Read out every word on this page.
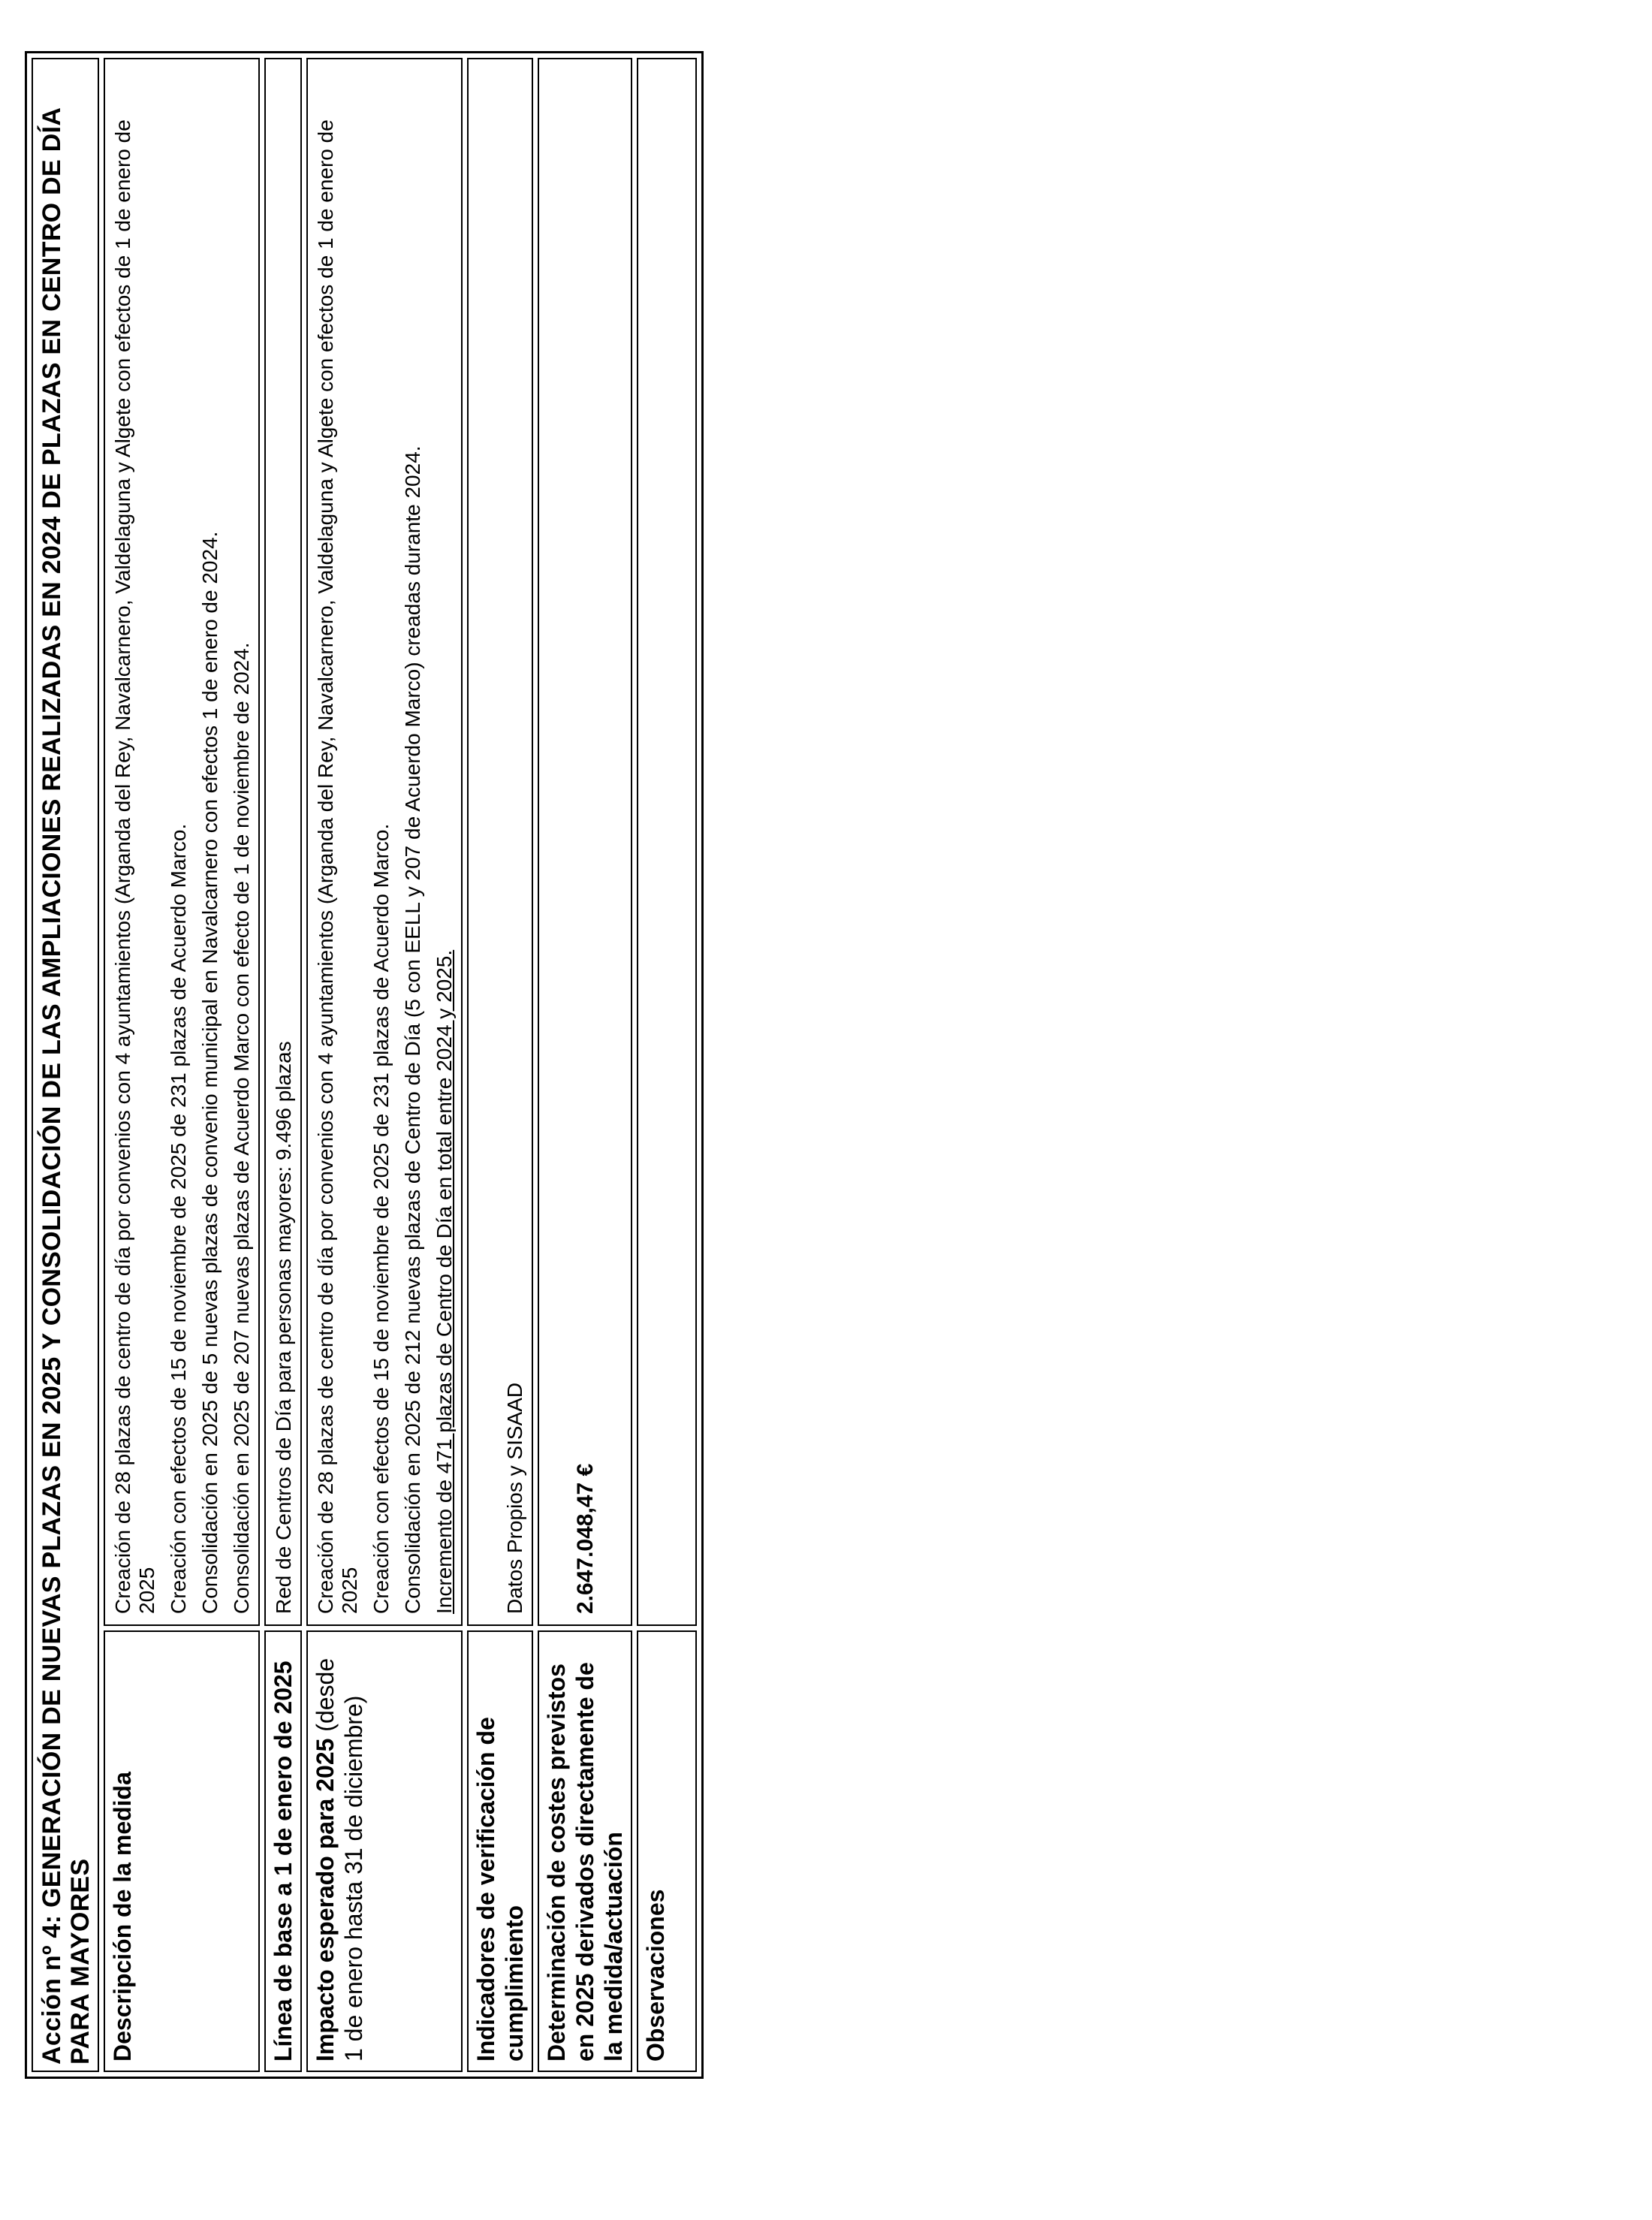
Acción nº 4: GENERACIÓN DE NUEVAS PLAZAS EN 2025 Y CONSOLIDACIÓN DE LAS AMPLIACIONES REALIZADAS EN 2024 DE PLAZAS EN CENTRO DE DÍA PARA MAYORES	
Descripción de la medida	Creación de 28 plazas de centro de día por convenios con 4 ayuntamientos (Arganda del Rey, Navalcarnero, Valdelaguna y Algete con efectos de 1 de enero de 2025 Creación con efectos de 15 de noviembre de 2025 de 231 plazas de Acuerdo Marco. Consolidación en 2025 de 5 nuevas plazas de convenio municipal en Navalcarnero con efectos 1 de enero de 2024. Consolidación en 2025 de 207 nuevas plazas de Acuerdo Marco con efecto de 1 de noviembre de 2024.

Línea de base a 1 de enero de 2025	Red de Centros de Día para personas mayores: 9.496 plazas
Impacto esperado para 2025 (desde 1 de enero hasta 31 de diciembre)	Creación de 28 plazas de centro de día por convenios con 4 ayuntamientos (Arganda del Rey, Navalcarnero, Valdelaguna y Algete con efectos de 1 de enero de 2025 Creación con efectos de 15 de noviembre de 2025 de 231 plazas de Acuerdo Marco. Consolidación en 2025 de 212 nuevas plazas de Centro de Día (5 con EELL y 207 de Acuerdo Marco) creadas durante 2024. Incremento de 471 plazas de Centro de Día en total entre 2024 y 2025.

Indicadores de verificación de cumplimiento	Datos Propios y SISAAD
Determinación de costes previstos en 2025 derivados directamente de la medida/actuación	2.647.048,47 €
Observaciones	
